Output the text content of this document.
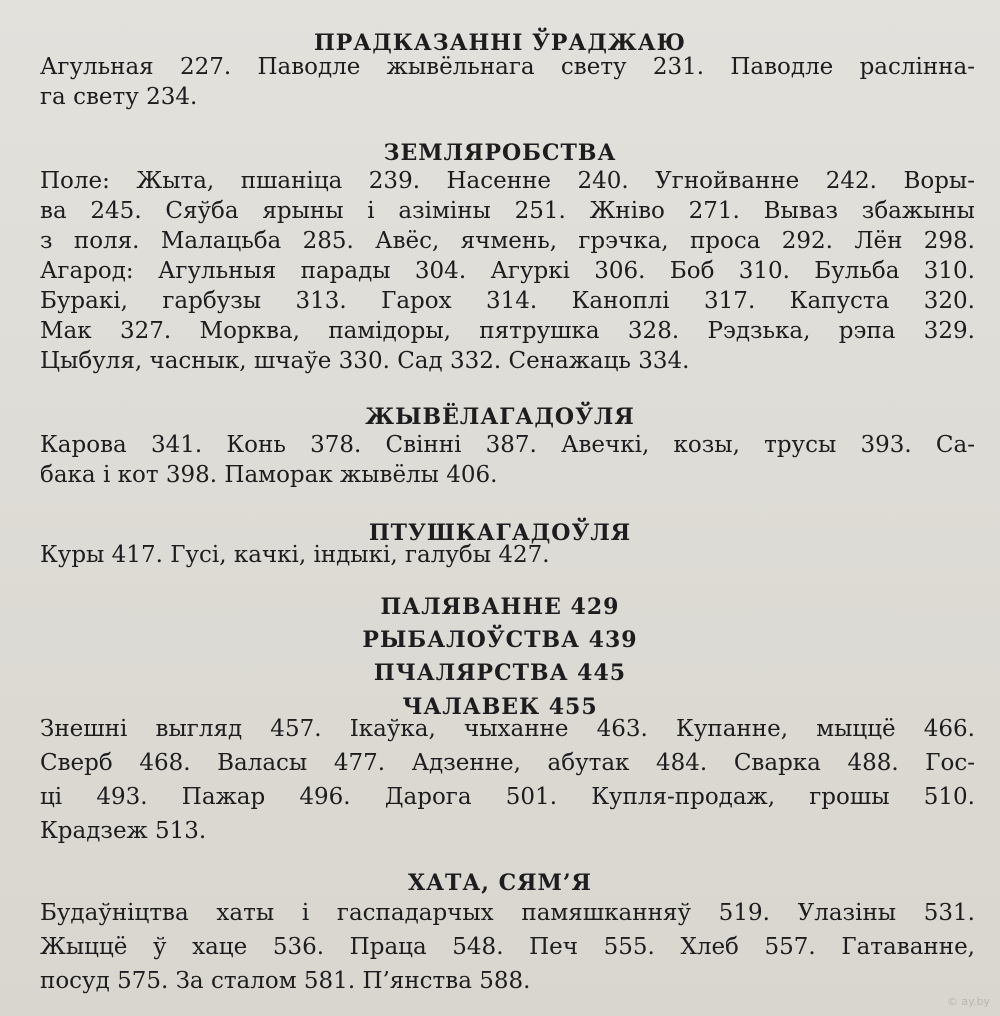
ПРАДКАЗАННІ ЎРАДЖАЮ
Агульная 227. Паводле жывёльнага свету 231. Паводле раслінна-
га свету 234.
ЗЕМЛЯРОБСТВА
Поле: Жыта, пшаніца 239. Насенне 240. Угнойванне 242. Воры-
ва 245. Сяўба ярыны і азіміны 251. Жніво 271. Вываз збажыны
з поля. Малацьба 285. Авёс, ячмень, грэчка, проса 292. Лён 298.
Агарод: Агульныя парады 304. Агуркі 306. Боб 310. Бульба 310.
Буракі, гарбузы 313. Гарох 314. Каноплі 317. Капуста 320.
Мак 327. Морква, памідоры, пятрушка 328. Рэдзька, рэпа 329.
Цыбуля, часнык, шчаўе 330. Сад 332. Сенажаць 334.
ЖЫВЁЛАГАДОЎЛЯ
Карова 341. Конь 378. Свінні 387. Авечкі, козы, трусы 393. Са-
бака і кот 398. Паморак жывёлы 406.
ПТУШКАГАДОЎЛЯ
Куры 417. Гусі, качкі, індыкі, галубы 427.
ПАЛЯВАННЕ 429
РЫБАЛОЎСТВА 439
ПЧАЛЯРСТВА 445
ЧАЛАВЕК 455
Знешні выгляд 457. Ікаўка, чыханне 463. Купанне, мыццё 466.
Сверб 468. Валасы 477. Адзенне, абутак 484. Сварка 488. Гос-
ці 493. Пажар 496. Дарога 501. Купля-продаж, грошы 510.
Крадзеж 513.
ХАТА, СЯМ’Я
Будаўніцтва хаты і гаспадарчых памяшканняў 519. Улазіны 531.
Жыццё ў хаце 536. Праца 548. Печ 555. Хлеб 557. Гатаванне,
посуд 575. За сталом 581. П’янства 588.
© ay.by
